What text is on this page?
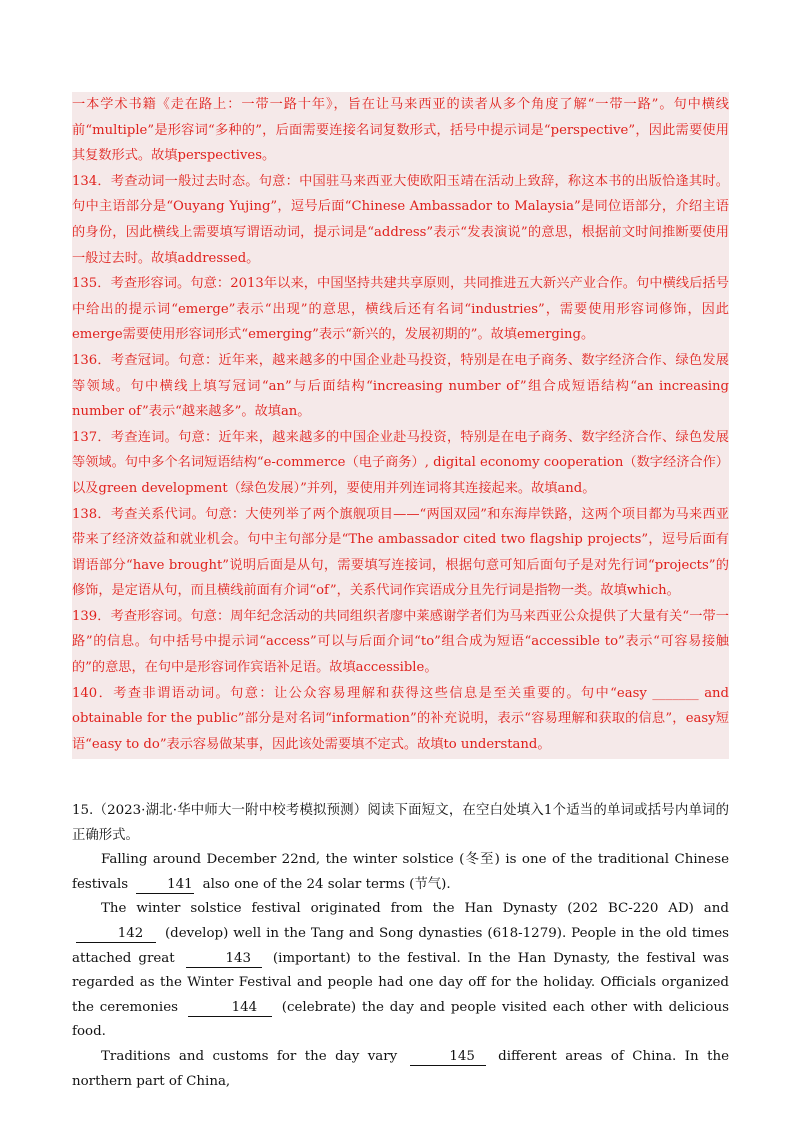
一本学术书籍《走在路上：一带一路十年》，旨在让马来西亚的读者从多个角度了解“一带一路”。句中横线前“multiple”是形容词“多种的”，后面需要连接名词复数形式，括号中提示词是“perspective”，因此需要使用其复数形式。故填perspectives。

134．考查动词一般过去时态。句意：中国驻马来西亚大使欧阳玉靖在活动上致辞，称这本书的出版恰逢其时。句中主语部分是“Ouyang Yujing”，逗号后面“Chinese Ambassador to Malaysia”是同位语部分，介绍主语的身份，因此横线上需要填写谓语动词，提示词是“address”表示“发表演说”的意思，根据前文时间推断要使用一般过去时。故填addressed。

135．考查形容词。句意：2013年以来，中国坚持共建共享原则，共同推进五大新兴产业合作。句中横线后括号中给出的提示词“emerge”表示“出现”的意思，横线后还有名词“industries”，需要使用形容词修饰，因此emerge需要使用形容词形式“emerging”表示“新兴的，发展初期的”。故填emerging。

136．考查冠词。句意：近年来，越来越多的中国企业赴马投资，特别是在电子商务、数字经济合作、绿色发展等领域。句中横线上填写冠词“an”与后面结构“increasing number of”组合成短语结构“an increasing number of”表示“越来越多”。故填an。

137．考查连词。句意：近年来，越来越多的中国企业赴马投资，特别是在电子商务、数字经济合作、绿色发展等领域。句中多个名词短语结构“e-commerce（电子商务）, digital economy cooperation（数字经济合作）以及green development（绿色发展）”并列，要使用并列连词将其连接起来。故填and。

138．考查关系代词。句意：大使列举了两个旗舰项目——“两国双园”和东海岸铁路，这两个项目都为马来西亚带来了经济效益和就业机会。句中主句部分是“The ambassador cited two flagship projects”，逗号后面有谓语部分“have brought”说明后面是从句，需要填写连接词，根据句意可知后面句子是对先行词“projects”的修饰，是定语从句，而且横线前面有介词“of”，关系代词作宾语成分且先行词是指物一类。故填which。

139．考查形容词。句意：周年纪念活动的共同组织者廖中莱感谢学者们为马来西亚公众提供了大量有关“一带一路”的信息。句中括号中提示词“access”可以与后面介词“to”组合成为短语“accessible to”表示“可容易接触的”的意思，在句中是形容词作宾语补足语。故填accessible。

140．考查非谓语动词。句意：让公众容易理解和获得这些信息是至关重要的。句中“easy _______ and obtainable for the public”部分是对名词“information”的补充说明，表示“容易理解和获取的信息”，easy短语“easy to do”表示容易做某事，因此该处需要填不定式。故填to understand。

15.（2023·湖北·华中师大一附中校考模拟预测）阅读下面短文，在空白处填入1个适当的单词或括号内单词的正确形式。

Falling around December 22nd, the winter solstice (冬至) is one of the traditional Chinese festivals	141 also one of the 24 solar terms (节气).

The winter solstice festival originated from the Han Dynasty (202 BC-220 AD) and 142 (develop) well in the Tang and Song dynasties (618-1279). People in the old times attached great	143 (important) to the festival. In the Han Dynasty, the festival was regarded as the Winter Festival and people had one day off for the holiday. Officials organized the ceremonies	144 (celebrate) the day and people visited each other with delicious food.

Traditions and customs for the day vary	145 different areas of China. In the northern part of China,
